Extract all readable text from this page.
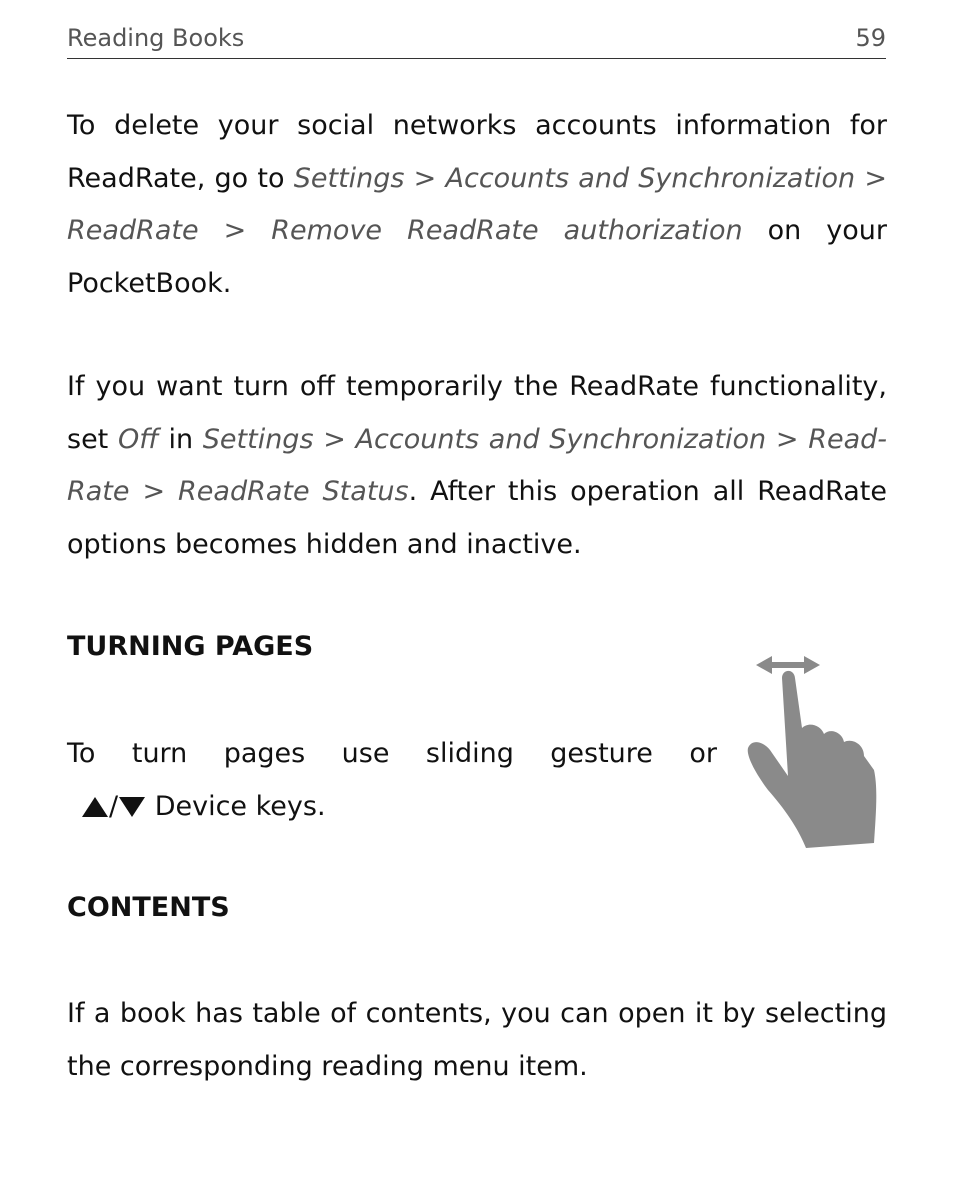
Reading Books	59

To delete your social networks accounts information for ReadRate, go to Settings > Accounts and Synchronization > ReadRate > Remove ReadRate authorization on your PocketBook.

If you want turn off temporarily the ReadRate functionality, set Off in Settings > Accounts and Synchronization > ReadRate > ReadRate Status. After this operation all ReadRate options becomes hidden and inactive.

TURNING PAGES
To turn pages use sliding gesture or
/ Device keys.
CONTENTS

If a book has table of contents, you can open it by selecting the corresponding reading menu item.
